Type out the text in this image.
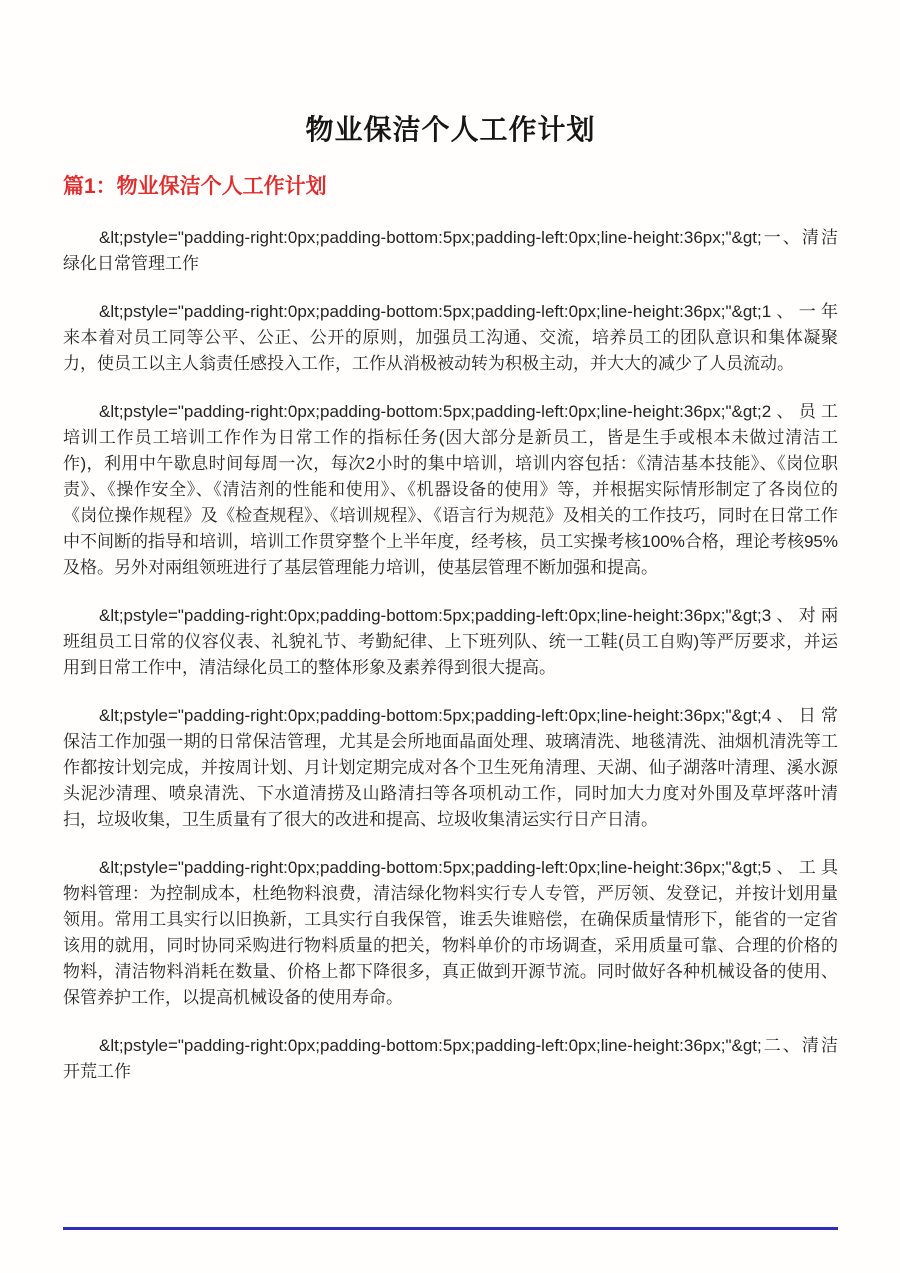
物业保洁个人工作计划
篇1：物业保洁个人工作计划

&lt;pstyle="padding-right:0px;padding-bottom:5px;padding-left:0px;line-height:36px;"&gt;一、清洁绿化日常管理工作

&lt;pstyle="padding-right:0px;padding-bottom:5px;padding-left:0px;line-height:36px;"&gt;1、一年来本着对员工同等公平、公正、公开的原则，加强员工沟通、交流，培养员工的团队意识和集体凝聚力，使员工以主人翁责任感投入工作，工作从消极被动转为积极主动，并大大的减少了人员流动。

&lt;pstyle="padding-right:0px;padding-bottom:5px;padding-left:0px;line-height:36px;"&gt;2、员工培训工作员工培训工作作为日常工作的指标任务(因大部分是新员工，皆是生手或根本未做过清洁工作)，利用中午歇息时间每周一次，每次2小时的集中培训，培训内容包括：《清洁基本技能》、《岗位职责》、《操作安全》、《清洁剂的性能和使用》、《机器设备的使用》等，并根据实际情形制定了各岗位的《岗位操作规程》及《检查规程》、《培训规程》、《语言行为规范》及相关的工作技巧，同时在日常工作中不间断的指导和培训，培训工作贯穿整个上半年度，经考核，员工实操考核100%合格，理论考核95%及格。另外对兩组领班进行了基层管理能力培训，使基层管理不断加强和提高。

&lt;pstyle="padding-right:0px;padding-bottom:5px;padding-left:0px;line-height:36px;"&gt;3、对兩班组员工日常的仪容仪表、礼貌礼节、考勤紀律、上下班列队、统一工鞋(员工自购)等严厉要求，并运用到日常工作中，清洁绿化员工的整体形象及素养得到很大提高。

&lt;pstyle="padding-right:0px;padding-bottom:5px;padding-left:0px;line-height:36px;"&gt;4、日常保洁工作加强一期的日常保洁管理，尤其是会所地面晶面处理、玻璃清洗、地毯清洗、油烟机清洗等工作都按计划完成，并按周计划、月计划定期完成对各个卫生死角清理、天湖、仙子湖落叶清理、溪水源头泥沙清理、喷泉清洗、下水道清捞及山路清扫等各项机动工作，同时加大力度对外围及草坪落叶清扫，垃圾收集，卫生质量有了很大的改进和提高、垃圾收集清运实行日产日清。

&lt;pstyle="padding-right:0px;padding-bottom:5px;padding-left:0px;line-height:36px;"&gt;5、工具物料管理：为控制成本，杜绝物料浪费，清洁绿化物料实行专人专管，严厉领、发登记，并按计划用量领用。常用工具实行以旧换新，工具实行自我保管，谁丢失谁赔偿，在确保质量情形下，能省的一定省该用的就用，同时协同采购进行物料质量的把关，物料单价的市场调查，采用质量可靠、合理的价格的物料，清洁物料消耗在数量、价格上都下降很多，真正做到开源节流。同时做好各种机械设备的使用、保管养护工作，以提高机械设备的使用寿命。

&lt;pstyle="padding-right:0px;padding-bottom:5px;padding-left:0px;line-height:36px;"&gt;二、清洁开荒工作
